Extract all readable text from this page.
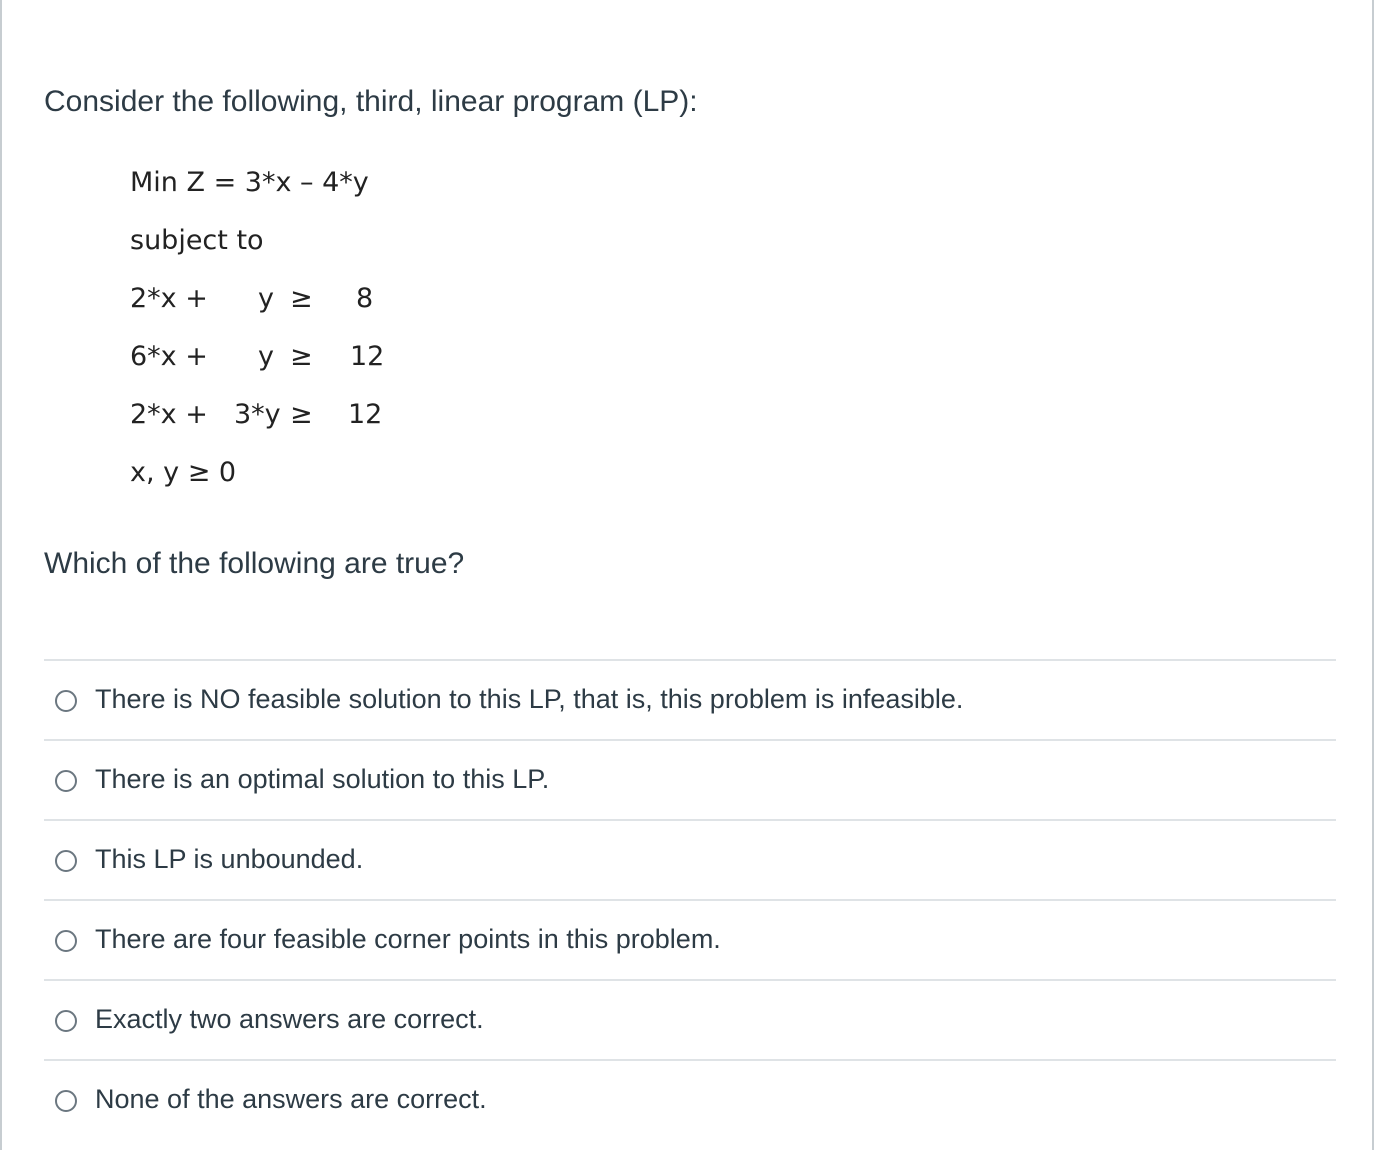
Consider the following, third, linear program (LP):

Min Z = 3*x – 4*y
subject to
2*x + y ≥ 8
6*x + y ≥ 12
2*x + 3*y ≥ 12
x, y ≥ 0

Which of the following are true?

There is NO feasible solution to this LP, that is, this problem is infeasible.
There is an optimal solution to this LP.
This LP is unbounded.
There are four feasible corner points in this problem.
Exactly two answers are correct.
None of the answers are correct.
